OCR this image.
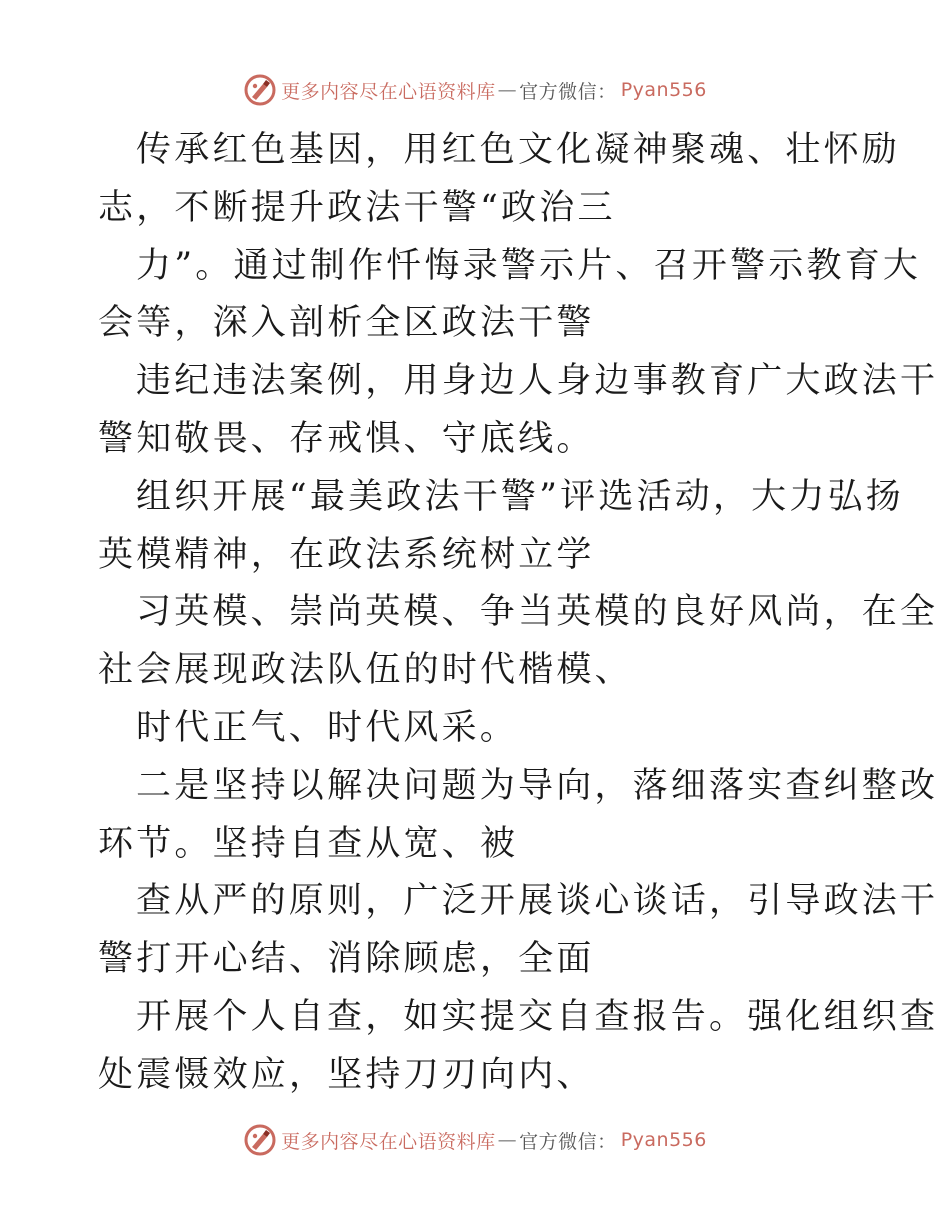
更多内容尽在心语资料库 — 官方微信： Pyan556
传承红色基因，用红色文化凝神聚魂、壮怀励
志，不断提升政法干警“政治三
力”。通过制作忏悔录警示片、召开警示教育大
会等，深入剖析全区政法干警
违纪违法案例，用身边人身边事教育广大政法干
警知敬畏、存戒惧、守底线。
组织开展“最美政法干警”评选活动，大力弘扬
英模精神，在政法系统树立学
习英模、崇尚英模、争当英模的良好风尚，在全
社会展现政法队伍的时代楷模、
时代正气、时代风采。
二是坚持以解决问题为导向，落细落实查纠整改
环节。坚持自查从宽、被
查从严的原则，广泛开展谈心谈话，引导政法干
警打开心结、消除顾虑，全面
开展个人自查，如实提交自查报告。强化组织查
处震慑效应，坚持刀刃向内、
更多内容尽在心语资料库 — 官方微信： Pyan556
